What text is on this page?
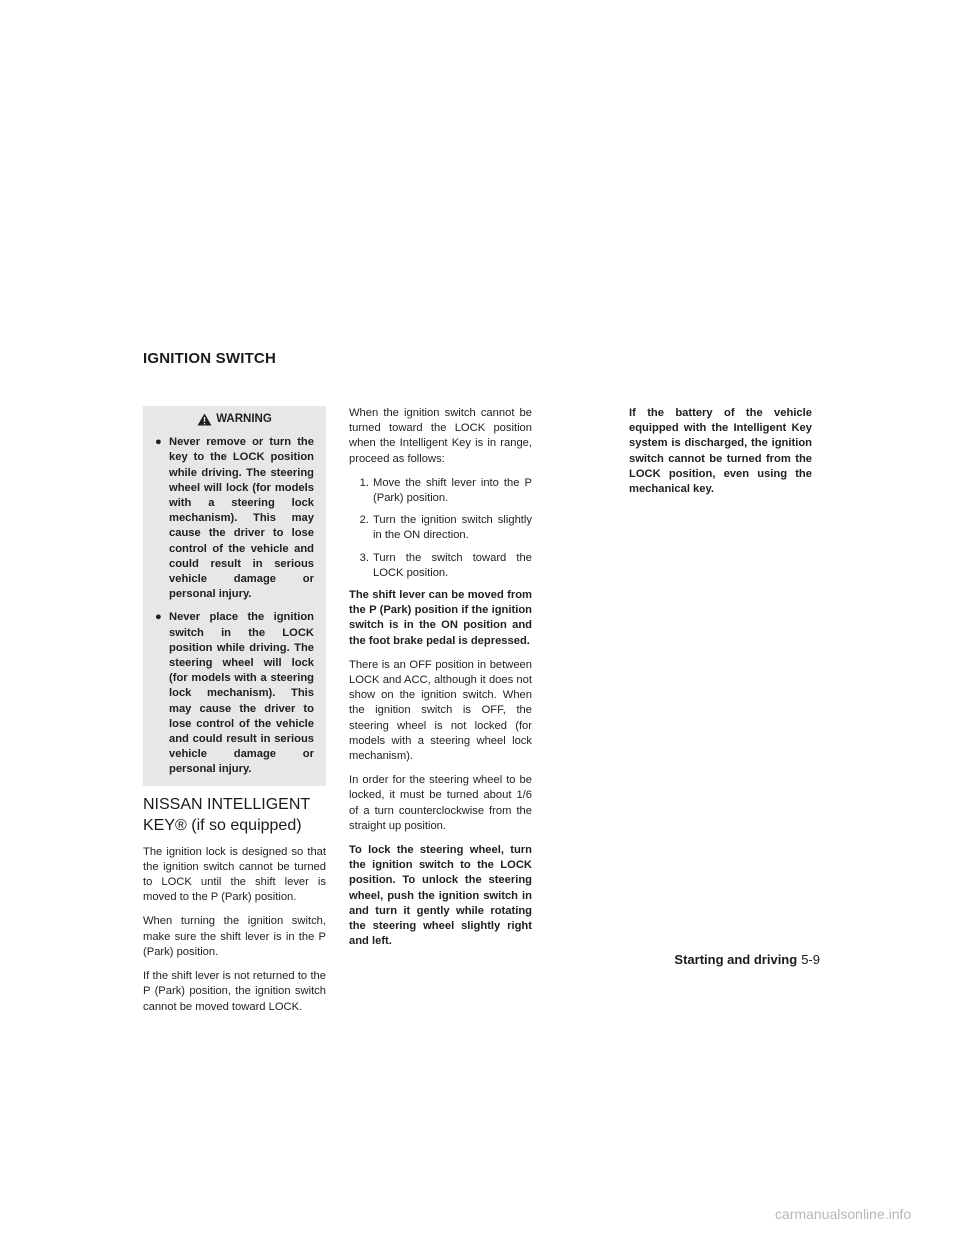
IGNITION SWITCH
WARNING
● Never remove or turn the key to the LOCK position while driving. The steering wheel will lock (for models with a steering lock mechanism). This may cause the driver to lose control of the vehicle and could result in serious vehicle damage or personal injury.
● Never place the ignition switch in the LOCK position while driving. The steering wheel will lock (for models with a steering lock mechanism). This may cause the driver to lose control of the vehicle and could result in serious vehicle damage or personal injury.
NISSAN INTELLIGENT KEY® (if so equipped)

The ignition lock is designed so that the ignition switch cannot be turned to LOCK until the shift lever is moved to the P (Park) position.

When turning the ignition switch, make sure the shift lever is in the P (Park) position.

If the shift lever is not returned to the P (Park) position, the ignition switch cannot be moved toward LOCK.

When the ignition switch cannot be turned toward the LOCK position when the Intelligent Key is in range, proceed as follows:

1. Move the shift lever into the P (Park) position.
2. Turn the ignition switch slightly in the ON direction.
3. Turn the switch toward the LOCK position.

The shift lever can be moved from the P (Park) position if the ignition switch is in the ON position and the foot brake pedal is depressed.

There is an OFF position in between LOCK and ACC, although it does not show on the ignition switch. When the ignition switch is OFF, the steering wheel is not locked (for models with a steering wheel lock mechanism).

In order for the steering wheel to be locked, it must be turned about 1/6 of a turn counterclockwise from the straight up position.

To lock the steering wheel, turn the ignition switch to the LOCK position. To unlock the steering wheel, push the ignition switch in and turn it gently while rotating the steering wheel slightly right and left.

If the battery of the vehicle equipped with the Intelligent Key system is discharged, the ignition switch cannot be turned from the LOCK position, even using the mechanical key.

Starting and driving 5-9
carmanualsonline.info
